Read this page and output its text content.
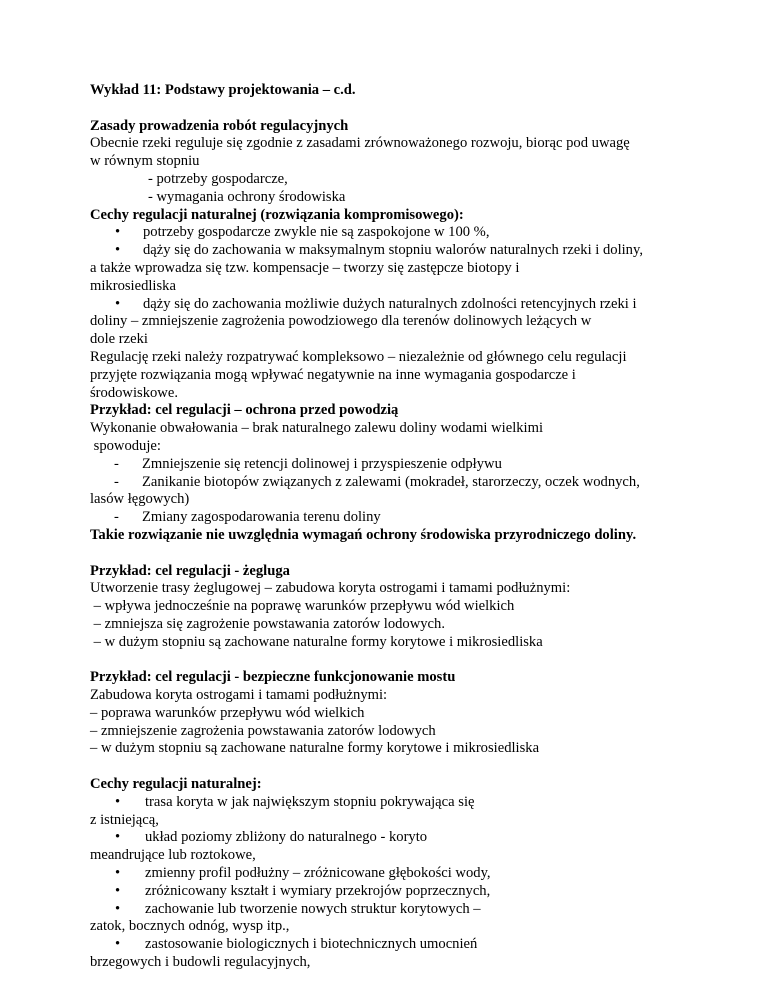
Wykład 11: Podstawy projektowania – c.d.
Zasady prowadzenia robót regulacyjnych
Obecnie rzeki reguluje się zgodnie z zasadami zrównoważonego rozwoju, biorąc pod uwagę
w równym stopniu
- potrzeby gospodarcze,
- wymagania ochrony środowiska
Cechy regulacji naturalnej (rozwiązania kompromisowego):
•	potrzeby gospodarcze zwykle nie są zaspokojone w 100 %,
•	dąży się do zachowania w maksymalnym stopniu walorów naturalnych rzeki i doliny,
a także wprowadza się tzw. kompensacje – tworzy się zastępcze biotopy i
mikrosiedliska
•	dąży się do zachowania możliwie dużych naturalnych zdolności retencyjnych rzeki i
doliny – zmniejszenie zagrożenia powodziowego dla terenów dolinowych leżących w
dole rzeki
Regulację rzeki należy rozpatrywać kompleksowo – niezależnie od głównego celu regulacji
przyjęte rozwiązania mogą wpływać negatywnie na inne wymagania gospodarcze i
środowiskowe.
Przykład: cel regulacji – ochrona przed powodzią
Wykonanie obwałowania – brak naturalnego zalewu doliny wodami wielkimi
spowoduje:
-	Zmniejszenie się retencji dolinowej i przyspieszenie odpływu
-	Zanikanie biotopów związanych z zalewami (mokradeł, starorzeczy, oczek wodnych,
lasów łęgowych)
-	Zmiany zagospodarowania terenu doliny
Takie rozwiązanie nie uwzględnia wymagań ochrony środowiska przyrodniczego doliny.
Przykład: cel regulacji - żegluga
Utworzenie trasy żeglugowej – zabudowa koryta ostrogami i tamami podłużnymi:
– wpływa jednocześnie na poprawę warunków przepływu wód wielkich
– zmniejsza się zagrożenie powstawania zatorów lodowych.
– w dużym stopniu są zachowane naturalne formy korytowe i mikrosiedliska
Przykład: cel regulacji - bezpieczne funkcjonowanie mostu
Zabudowa koryta ostrogami i tamami podłużnymi:
– poprawa warunków przepływu wód wielkich
– zmniejszenie zagrożenia powstawania zatorów lodowych
– w dużym stopniu są zachowane naturalne formy korytowe i mikrosiedliska
Cechy regulacji naturalnej:
•	trasa koryta w jak największym stopniu pokrywająca się
z istniejącą,
•	układ poziomy zbliżony do naturalnego - koryto
meandrujące lub roztokowe,
•	zmienny profil podłużny – zróżnicowane głębokości wody,
•	zróżnicowany kształt i wymiary przekrojów poprzecznych,
•	zachowanie lub tworzenie nowych struktur korytowych –
zatok, bocznych odnóg, wysp itp.,
•	zastosowanie biologicznych i biotechnicznych umocnień
brzegowych i budowli regulacyjnych,
